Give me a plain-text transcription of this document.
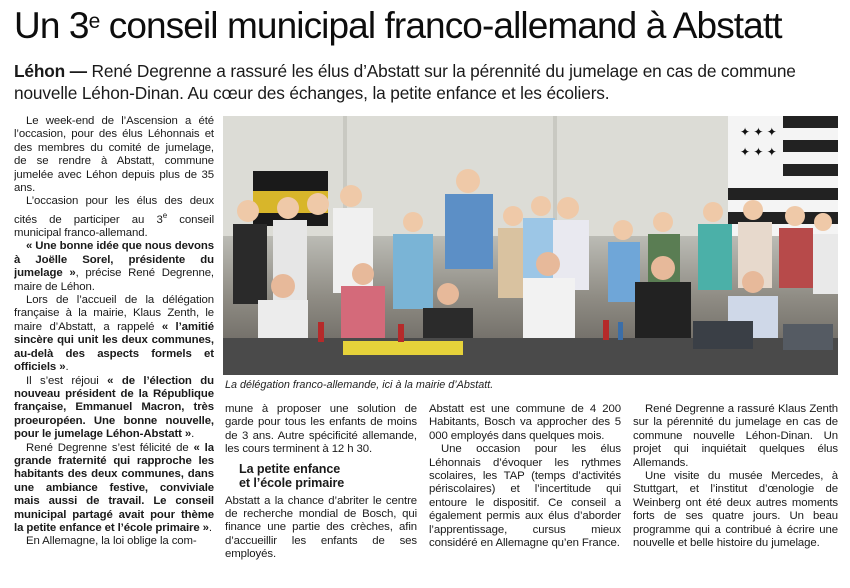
Un 3e conseil municipal franco-allemand à Abstatt
Léhon — René Degrenne a rassuré les élus d’Abstatt sur la pérennité du jumelage en cas de commune nouvelle Léhon-Dinan. Au cœur des échanges, la petite enfance et les écoliers.

Le week-end de l’Ascension a été l’occasion, pour des élus Léhonnais et des membres du comité de jumelage, de se rendre à Abstatt, commune jumelée avec Léhon depuis plus de 35 ans.

L’occasion pour les élus des deux cités de participer au 3e conseil municipal franco-allemand.

« Une bonne idée que nous devons à Joëlle Sorel, présidente du jumelage », précise René Degrenne, maire de Léhon.

Lors de l’accueil de la délégation française à la mairie, Klaus Zenth, le maire d’Abstatt, a rappelé « l’amitié sincère qui unit les deux communes, au-delà des aspects formels et officiels ».

Il s’est réjoui « de l’élection du nouveau président de la République française, Emmanuel Macron, très proeuropéen. Une bonne nouvelle, pour le jumelage Léhon-Abstatt ».

René Degrenne s’est félicité de « la grande fraternité qui rapproche les habitants des deux communes, dans une ambiance festive, conviviale mais aussi de travail. Le conseil municipal partagé avait pour thème la petite enfance et l’école primaire ».

En Allemagne, la loi oblige la com-

✦ ✦ ✦
✦ ✦ ✦
La délégation franco-allemande, ici à la mairie d’Abstatt.

mune à proposer une solution de garde pour tous les enfants de moins de 3 ans. Autre spécificité allemande, les cours terminent à 12 h 30.

La petite enfance
et l’école primaire

Abstatt a la chance d’abriter le centre de recherche mondial de Bosch, qui finance une partie des crèches, afin d’accueillir les enfants de ses employés.

Abstatt est une commune de 4 200 Habitants, Bosch va approcher des 5 000 employés dans quelques mois.

Une occasion pour les élus Léhonnais d’évoquer les rythmes scolaires, les TAP (temps d’activités périscolaires) et l’incertitude qui entoure le dispositif. Ce conseil a également permis aux élus d’aborder l’apprentissage, cursus mieux considéré en Allemagne qu’en France.

René Degrenne a rassuré Klaus Zenth sur la pérennité du jumelage en cas de commune nouvelle Léhon-Dinan. Un projet qui inquiétait quelques élus Allemands.

Une visite du musée Mercedes, à Stuttgart, et l’institut d’œnologie de Weinberg ont été deux autres moments forts de ses quatre jours. Un beau programme qui a contribué à écrire une nouvelle et belle histoire du jumelage.
